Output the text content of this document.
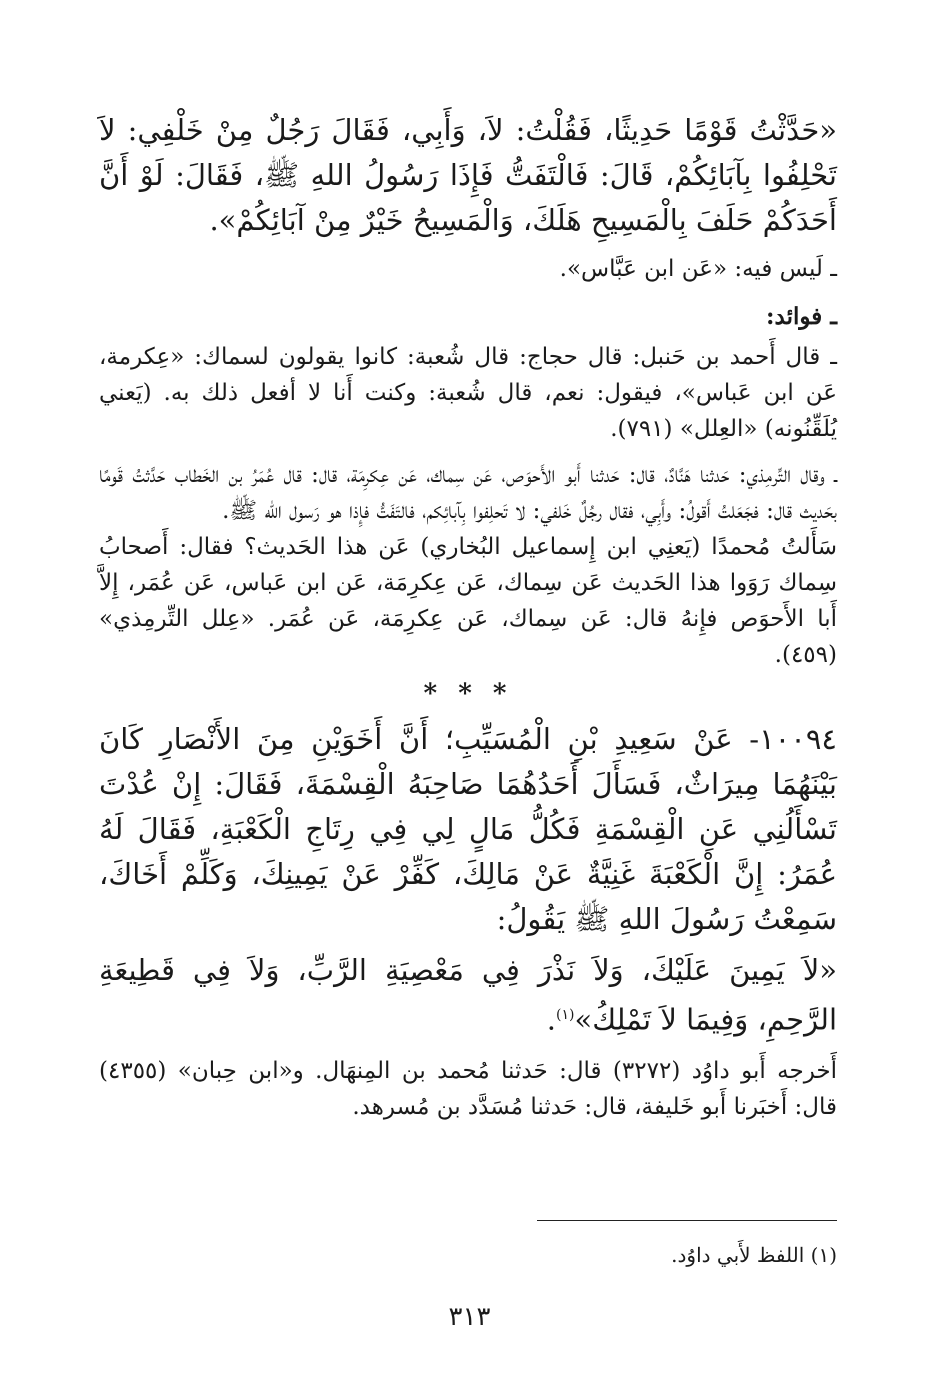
«حَدَّثْتُ قَوْمًا حَدِيثًا، فَقُلْتُ: لاَ، وَأَبِي، فَقَالَ رَجُلٌ مِنْ خَلْفِي: لاَ تَحْلِفُوا بِآبَائِكُمْ، قَالَ: فَالْتَفَتُّ فَإِذَا رَسُولُ اللهِ ﷺ، فَقَالَ: لَوْ أَنَّ أَحَدَكُمْ حَلَفَ بِالْمَسِيحِ هَلَكَ، وَالْمَسِيحُ خَيْرٌ مِنْ آبَائِكُمْ».

ـ لَيس فيه: «عَن ابن عَبَّاس».

ـ فوائد:

ـ قال أَحمد بن حَنبل: قال حجاج: قال شُعبة: كانوا يقولون لسماك: «عِكرمة، عَن ابن عَباس»، فيقول: نعم، قال شُعبة: وكنت أَنا لا أفعل ذلك به. (يَعني يُلَقِّنُونه) «العِلل» (٧٩١).

ـ وقال التِّرمِذي: حَدثنا هَنَّادٌ، قال: حَدثنا أَبو الأَحوَص، عَن سِماك، عَن عِكرِمَة، قال: قال عُمَرُ بن الخَطاب حَدَّثتُ قَومًا بحَديث قال: فجَعَلتُ أَقولُ: وأَبِي، فقال رجُلٌ خَلفي: لا تَحلِفوا بِآبائِكم، فالتَفَتُّ فإِذا هو رَسول الله ﷺ.

سَأَلتُ مُحمدًا (يَعنِي ابن إِسماعيل البُخاري) عَن هذا الحَديث؟ فقال: أَصحابُ سِماك رَوَوا هذا الحَديث عَن سِماك، عَن عِكرِمَة، عَن ابن عَباس، عَن عُمَر، إِلاَّ أَبا الأَحوَص فإِنهُ قال: عَن سِماك، عَن عِكرِمَة، عَن عُمَر. «عِلل التِّرمِذي» (٤٥٩).

* * *

١٠٠٩٤- عَنْ سَعِيدِ بْنِ الْمُسَيِّبِ؛ أَنَّ أَخَوَيْنِ مِنَ الأَنْصَارِ كَانَ بَيْنَهُمَا مِيرَاثٌ، فَسَأَلَ أَحَدُهُمَا صَاحِبَهُ الْقِسْمَةَ، فَقَالَ: إِنْ عُدْتَ تَسْأَلُنِي عَنِ الْقِسْمَةِ فَكُلُّ مَالٍ لِي فِي رِتَاجِ الْكَعْبَةِ، فَقَالَ لَهُ عُمَرُ: إِنَّ الْكَعْبَةَ غَنِيَّةٌ عَنْ مَالِكَ، كَفِّرْ عَنْ يَمِينِكَ، وَكَلِّمْ أَخَاكَ، سَمِعْتُ رَسُولَ اللهِ ﷺ يَقُولُ:

«لاَ يَمِينَ عَلَيْكَ، وَلاَ نَذْرَ فِي مَعْصِيَةِ الرَّبِّ، وَلاَ فِي قَطِيعَةِ الرَّحِمِ، وَفِيمَا لاَ تَمْلِكُ»$^{(١)}$.

أَخرجه أَبو داوُد (٣٢٧٢) قال: حَدثنا مُحمد بن المِنهَال. و«ابن حِبان» (٤٣٥٥) قال: أَخبَرنا أَبو خَليفة، قال: حَدثنا مُسَدَّد بن مُسرهد.

(١) اللفظ لأَبي داوُد.
٣١٣
